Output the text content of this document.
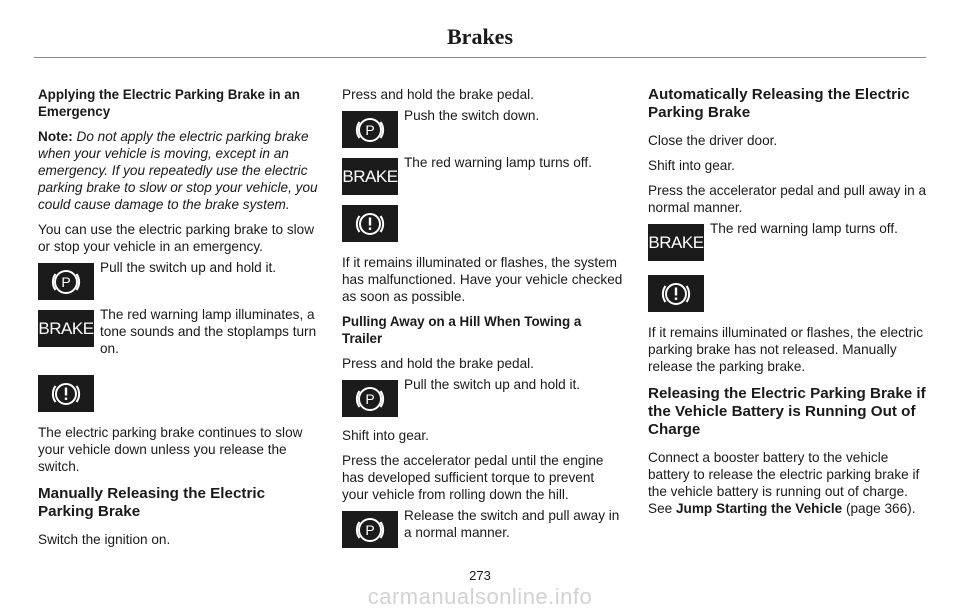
Brakes
Applying the Electric Parking Brake in an Emergency

Note: Do not apply the electric parking brake when your vehicle is moving, except in an emergency. If you repeatedly use the electric parking brake to slow or stop your vehicle, you could cause damage to the brake system.

You can use the electric parking brake to slow or stop your vehicle in an emergency.

P
Pull the switch up and hold it.
BRAKE
The red warning lamp illuminates, a tone sounds and the stoplamps turn on.

The electric parking brake continues to slow your vehicle down unless you release the switch.

Manually Releasing the Electric Parking Brake

Switch the ignition on.

Press and hold the brake pedal.

P
Push the switch down.
BRAKE
The red warning lamp turns off.

If it remains illuminated or flashes, the system has malfunctioned. Have your vehicle checked as soon as possible.

Pulling Away on a Hill When Towing a Trailer

Press and hold the brake pedal.

P
Pull the switch up and hold it.

Shift into gear.

Press the accelerator pedal until the engine has developed sufficient torque to prevent your vehicle from rolling down the hill.

P
Release the switch and pull away in a normal manner.
Automatically Releasing the Electric Parking Brake

Close the driver door.

Shift into gear.

Press the accelerator pedal and pull away in a normal manner.

BRAKE
The red warning lamp turns off.

If it remains illuminated or flashes, the electric parking brake has not released. Manually release the parking brake.

Releasing the Electric Parking Brake if the Vehicle Battery is Running Out of Charge

Connect a booster battery to the vehicle battery to release the electric parking brake if the vehicle battery is running out of charge. See Jump Starting the Vehicle (page 366).

273
carmanualsonline.info
